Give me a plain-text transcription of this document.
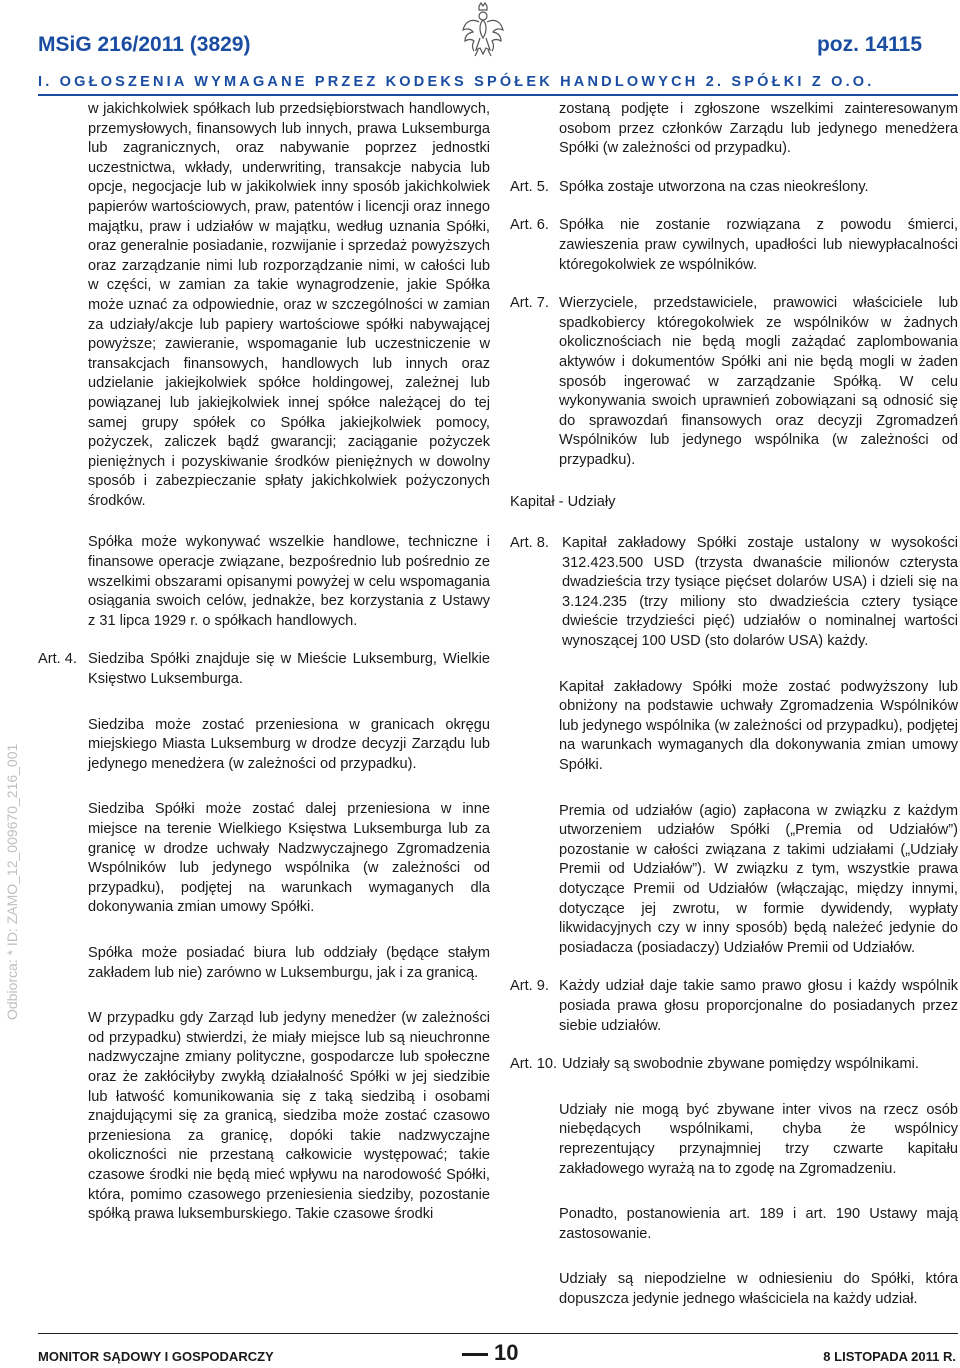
MSiG 216/2011 (3829)	poz. 14115
I. OGŁOSZENIA WYMAGANE PRZEZ KODEKS SPÓŁEK HANDLOWYCH 2. SPÓŁKI Z O.O.
Odbiorca: * ID: ZAMO_12_009670_216_001

w jakichkolwiek spółkach lub przedsiębiorstwach handlowych, przemysłowych, finansowych lub innych, prawa Luksemburga lub zagranicznych, oraz nabywanie poprzez jednostki uczestnictwa, wkłady, underwriting, transakcje nabycia lub opcje, negocjacje lub w jakikolwiek inny sposób jakichkolwiek papierów wartościowych, praw, patentów i licencji oraz innego majątku, praw i udziałów w majątku, według uznania Spółki, oraz generalnie posiadanie, rozwijanie i sprzedaż powyższych oraz zarządzanie nimi lub rozporządzanie nimi, w całości lub w części, w zamian za takie wynagrodzenie, jakie Spółka może uznać za odpowiednie, oraz w szczególności w zamian za udziały/akcje lub papiery wartościowe spółki nabywającej powyższe; zawieranie, wspomaganie lub uczestniczenie w transakcjach finansowych, handlowych lub innych oraz udzielanie jakiejkolwiek spółce holdingowej, zależnej lub powiązanej lub jakiejkolwiek innej spółce należącej do tej samej grupy spółek co Spółka jakiejkolwiek pomocy, pożyczek, zaliczek bądź gwarancji; zaciąganie pożyczek pieniężnych i pozyskiwanie środków pieniężnych w dowolny sposób i zabezpieczanie spłaty jakichkolwiek pożyczonych środków.

Spółka może wykonywać wszelkie handlowe, techniczne i finansowe operacje związane, bezpośrednio lub pośrednio ze wszelkimi obszarami opisanymi powyżej w celu wspomagania osiągania swoich celów, jednakże, bez korzystania z Ustawy z 31 lipca 1929 r. o spółkach handlowych.

Art. 4. Siedziba Spółki znajduje się w Mieście Luksemburg, Wielkie Księstwo Luksemburga.

Siedziba może zostać przeniesiona w granicach okręgu miejskiego Miasta Luksemburg w drodze decyzji Zarządu lub jedynego menedżera (w zależności od przypadku).

Siedziba Spółki może zostać dalej przeniesiona w inne miejsce na terenie Wielkiego Księstwa Luksemburga lub za granicę w drodze uchwały Nadzwyczajnego Zgromadzenia Wspólników lub jedynego wspólnika (w zależności od przypadku), podjętej na warunkach wymaganych dla dokonywania zmian umowy Spółki.

Spółka może posiadać biura lub oddziały (będące stałym zakładem lub nie) zarówno w Luksemburgu, jak i za granicą.

W przypadku gdy Zarząd lub jedyny menedżer (w zależności od przypadku) stwierdzi, że miały miejsce lub są nieuchronne nadzwyczajne zmiany polityczne, gospodarcze lub społeczne oraz że zakłóciłyby zwykłą działalność Spółki w jej siedzibie lub łatwość komunikowania się z taką siedzibą i osobami znajdującymi się za granicą, siedziba może zostać czasowo przeniesiona za granicę, dopóki takie nadzwyczajne okoliczności nie przestaną całkowicie występować; takie czasowe środki nie będą mieć wpływu na narodowość Spółki, która, pomimo czasowego przeniesienia siedziby, pozostanie spółką prawa luksemburskiego. Takie czasowe środki

zostaną podjęte i zgłoszone wszelkimi zainteresowanym osobom przez członków Zarządu lub jedynego menedżera Spółki (w zależności od przypadku).

Art. 5. Spółka zostaje utworzona na czas nieokreślony.
Art. 6. Spółka nie zostanie rozwiązana z powodu śmierci, zawieszenia praw cywilnych, upadłości lub niewypłacalności któregokolwiek ze wspólników.
Art. 7. Wierzyciele, przedstawiciele, prawowici właściciele lub spadkobiercy któregokolwiek ze wspólników w żadnych okolicznościach nie będą mogli zażądać zaplombowania aktywów i dokumentów Spółki ani nie będą mogli w żaden sposób ingerować w zarządzanie Spółką. W celu wykonywania swoich uprawnień zobowiązani są odnosić się do sprawozdań finansowych oraz decyzji Zgromadzeń Wspólników lub jedynego wspólnika (w zależności od przypadku).

Kapitał - Udziały

Art. 8. Kapitał zakładowy Spółki zostaje ustalony w wysokości 312.423.500 USD (trzysta dwanaście milionów czterysta dwadzieścia trzy tysiące pięćset dolarów USA) i dzieli się na 3.124.235 (trzy miliony sto dwadzieścia cztery tysiące dwieście trzydzieści pięć) udziałów o nominalnej wartości wynoszącej 100 USD (sto dolarów USA) każdy.

Kapitał zakładowy Spółki może zostać podwyższony lub obniżony na podstawie uchwały Zgromadzenia Wspólników lub jedynego wspólnika (w zależności od przypadku), podjętej na warunkach wymaganych dla dokonywania zmian umowy Spółki.

Premia od udziałów (agio) zapłacona w związku z każdym utworzeniem udziałów Spółki („Premia od Udziałów”) pozostanie w całości związana z takimi udziałami („Udziały Premii od Udziałów”). W związku z tym, wszystkie prawa dotyczące Premii od Udziałów (włączając, między innymi, dotyczące jej zwrotu, w formie dywidendy, wypłaty likwidacyjnych czy w inny sposób) będą należeć jedynie do posiadacza (posiadaczy) Udziałów Premii od Udziałów.

Art. 9. Każdy udział daje takie samo prawo głosu i każdy wspólnik posiada prawa głosu proporcjonalne do posiadanych przez siebie udziałów.
Art. 10. Udziały są swobodnie zbywane pomiędzy wspólnikami.

Udziały nie mogą być zbywane inter vivos na rzecz osób niebędących wspólnikami, chyba że wspólnicy reprezentujący przynajmniej trzy czwarte kapitału zakładowego wyrażą na to zgodę na Zgromadzeniu.

Ponadto, postanowienia art. 189 i art. 190 Ustawy mają zastosowanie.

Udziały są niepodzielne w odniesieniu do Spółki, która dopuszcza jedynie jednego właściciela na każdy udział.

MONITOR SĄDOWY I GOSPODARCZY	10	8 LISTOPADA 2011 R.
